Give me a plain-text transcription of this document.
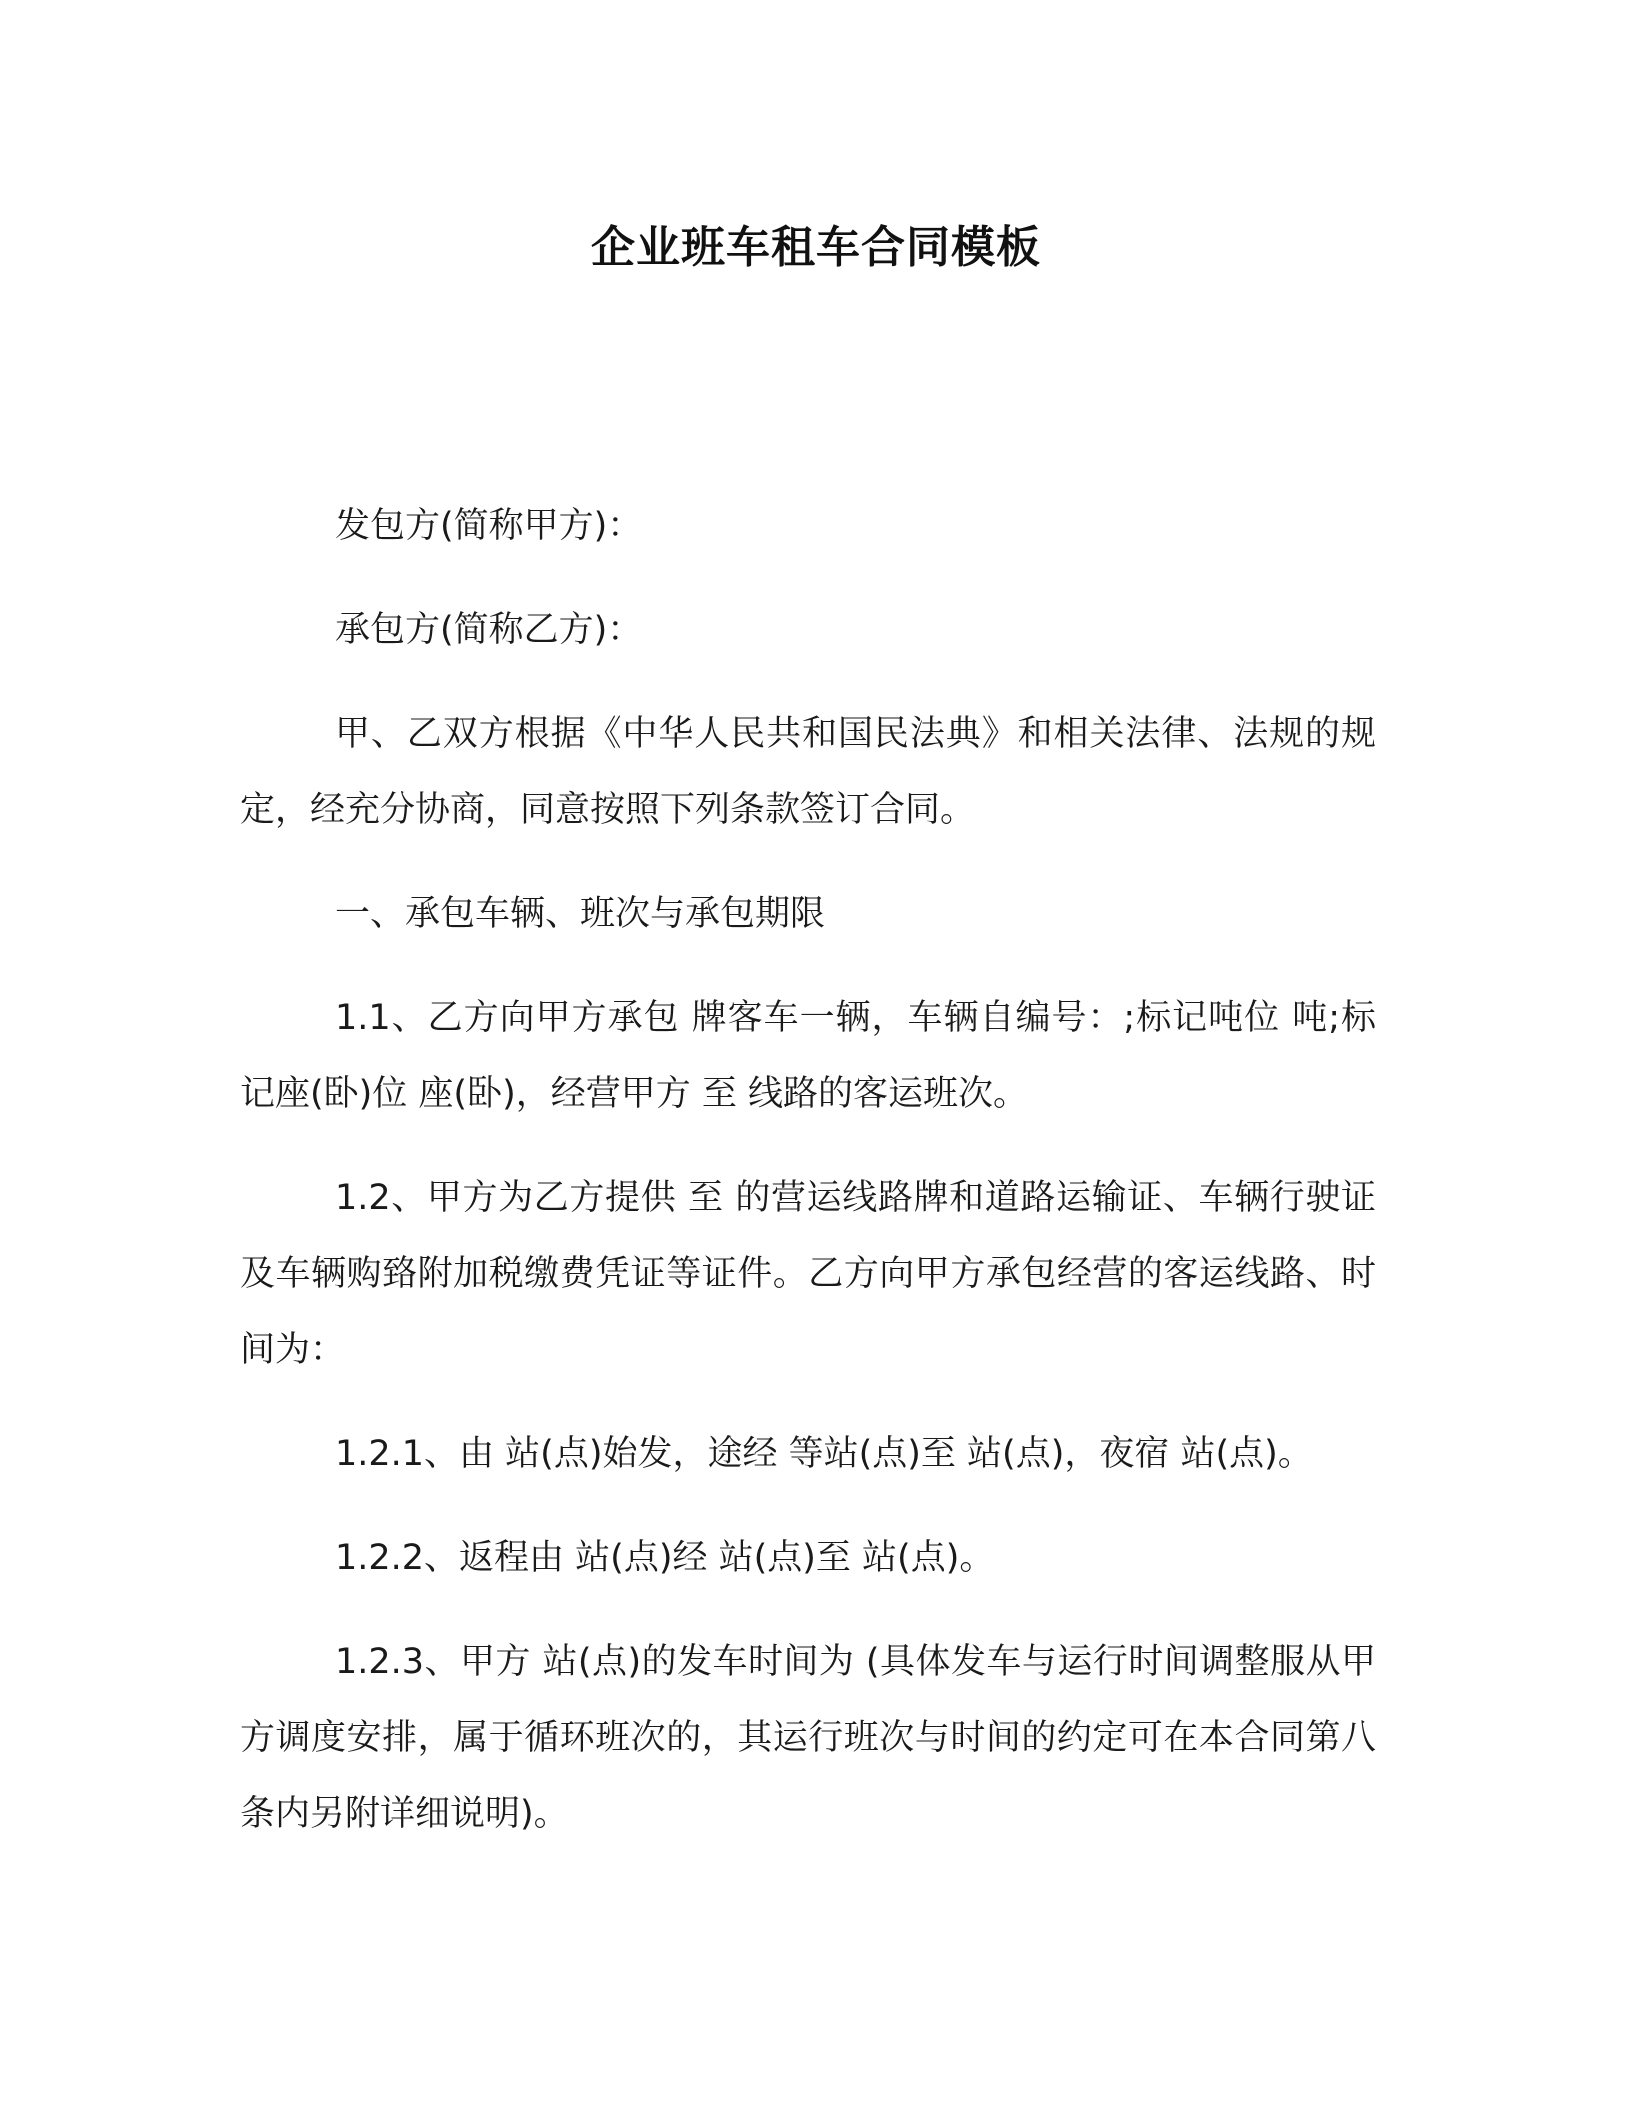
企业班车租车合同模板

发包方(简称甲方)：

承包方(简称乙方)：

甲、乙双方根据《中华人民共和国民法典》和相关法律、法规的规定，经充分协商，同意按照下列条款签订合同。

一、承包车辆、班次与承包期限

1.1、乙方向甲方承包 牌客车一辆，车辆自编号：;标记吨位 吨;标记座(卧)位 座(卧)，经营甲方 至 线路的客运班次。

1.2、甲方为乙方提供 至 的营运线路牌和道路运输证、车辆行驶证及车辆购臵附加税缴费凭证等证件。乙方向甲方承包经营的客运线路、时间为：

1.2.1、由 站(点)始发，途经 等站(点)至 站(点)，夜宿 站(点)。

1.2.2、返程由 站(点)经 站(点)至 站(点)。

1.2.3、甲方 站(点)的发车时间为 (具体发车与运行时间调整服从甲方调度安排，属于循环班次的，其运行班次与时间的约定可在本合同第八条内另附详细说明)。
